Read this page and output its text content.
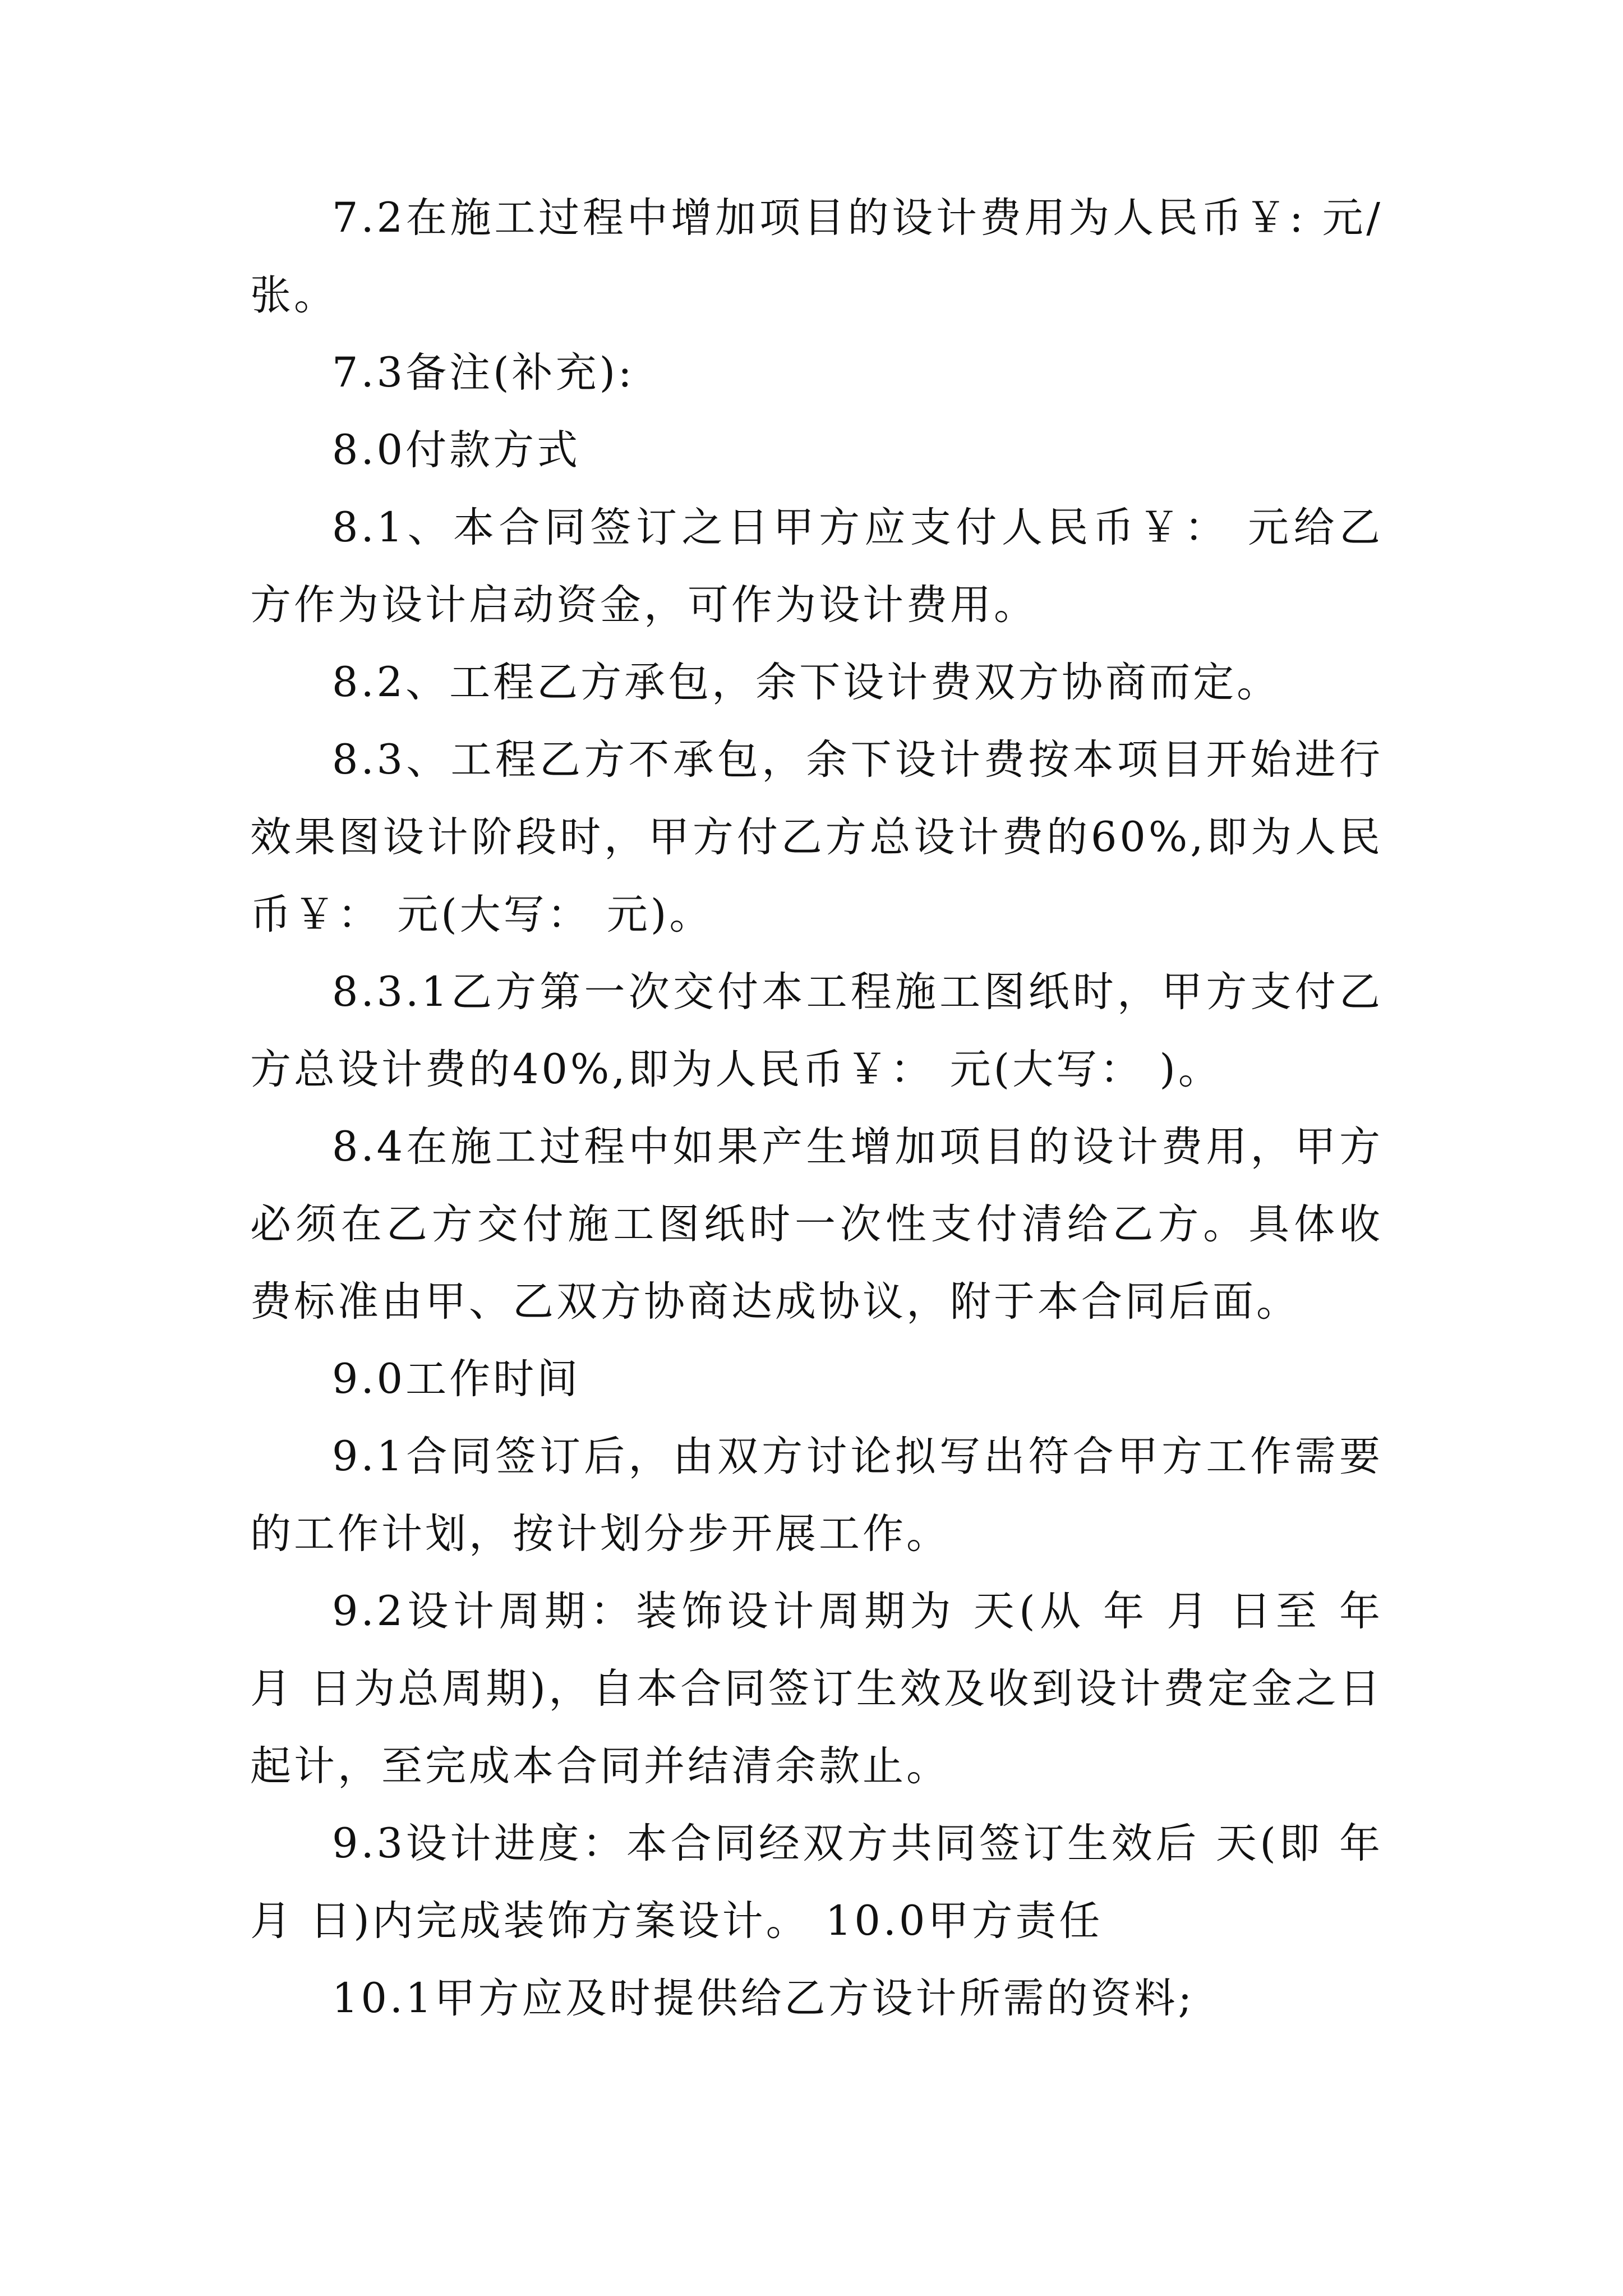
7.2在施工过程中增加项目的设计费用为人民币￥: 元/张。

7.3备注(补充):

8.0付款方式

8.1、本合同签订之日甲方应支付人民币￥： 元给乙方作为设计启动资金，可作为设计费用。

8.2、工程乙方承包，余下设计费双方协商而定。

8.3、工程乙方不承包，余下设计费按本项目开始进行效果图设计阶段时，甲方付乙方总设计费的60%,即为人民币￥： 元(大写： 元)。

8.3.1乙方第一次交付本工程施工图纸时，甲方支付乙方总设计费的40%,即为人民币￥： 元(大写： )。

8.4在施工过程中如果产生增加项目的设计费用，甲方必须在乙方交付施工图纸时一次性支付清给乙方。具体收费标准由甲、乙双方协商达成协议，附于本合同后面。

9.0工作时间

9.1合同签订后，由双方讨论拟写出符合甲方工作需要的工作计划，按计划分步开展工作。

9.2设计周期：装饰设计周期为 天(从 年 月 日至 年 月 日为总周期)，自本合同签订生效及收到设计费定金之日起计，至完成本合同并结清余款止。

9.3设计进度：本合同经双方共同签订生效后 天(即 年 月 日)内完成装饰方案设计。 10.0甲方责任

10.1甲方应及时提供给乙方设计所需的资料;
